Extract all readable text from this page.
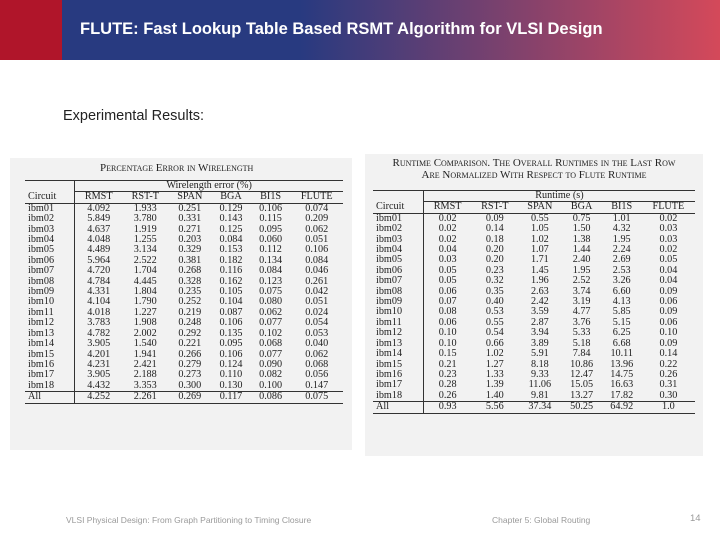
FLUTE: Fast Lookup Table Based RSMT Algorithm for VLSI Design
Experimental Results:
Percentage Error in Wirelength
	Wirelength error (%)					
Circuit	RMST	RST-T	SPAN	BGA	BI1S	FLUTE
ibm01	4.092	1.933	0.251	0.129	0.106	0.074
ibm02	5.849	3.780	0.331	0.143	0.115	0.209
ibm03	4.637	1.919	0.271	0.125	0.095	0.062
ibm04	4.048	1.255	0.203	0.084	0.060	0.051
ibm05	4.489	3.134	0.329	0.153	0.112	0.106
ibm06	5.964	2.522	0.381	0.182	0.134	0.084
ibm07	4.720	1.704	0.268	0.116	0.084	0.046
ibm08	4.784	4.445	0.328	0.162	0.123	0.261
ibm09	4.331	1.804	0.235	0.105	0.075	0.042
ibm10	4.104	1.790	0.252	0.104	0.080	0.051
ibm11	4.018	1.227	0.219	0.087	0.062	0.024
ibm12	3.783	1.908	0.248	0.106	0.077	0.054
ibm13	4.782	2.002	0.292	0.135	0.102	0.053
ibm14	3.905	1.540	0.221	0.095	0.068	0.040
ibm15	4.201	1.941	0.266	0.106	0.077	0.062
ibm16	4.231	2.421	0.279	0.124	0.090	0.068
ibm17	3.905	2.188	0.273	0.110	0.082	0.056
ibm18	4.432	3.353	0.300	0.130	0.100	0.147
All	4.252	2.261	0.269	0.117	0.086	0.075
Runtime Comparison. The Overall Runtimes in the Last Row
Are Normalized With Respect to Flute Runtime
	Runtime (s)					
Circuit	RMST	RST-T	SPAN	BGA	BI1S	FLUTE
ibm01	0.02	0.09	0.55	0.75	1.01	0.02
ibm02	0.02	0.14	1.05	1.50	4.32	0.03
ibm03	0.02	0.18	1.02	1.38	1.95	0.03
ibm04	0.04	0.20	1.07	1.44	2.24	0.02
ibm05	0.03	0.20	1.71	2.40	2.69	0.05
ibm06	0.05	0.23	1.45	1.95	2.53	0.04
ibm07	0.05	0.32	1.96	2.52	3.26	0.04
ibm08	0.06	0.35	2.63	3.74	6.60	0.09
ibm09	0.07	0.40	2.42	3.19	4.13	0.06
ibm10	0.08	0.53	3.59	4.77	5.85	0.09
ibm11	0.06	0.55	2.87	3.76	5.15	0.06
ibm12	0.10	0.54	3.94	5.33	6.25	0.10
ibm13	0.10	0.66	3.89	5.18	6.68	0.09
ibm14	0.15	1.02	5.91	7.84	10.11	0.14
ibm15	0.21	1.27	8.18	10.86	13.96	0.22
ibm16	0.23	1.33	9.33	12.47	14.75	0.26
ibm17	0.28	1.39	11.06	15.05	16.63	0.31
ibm18	0.26	1.40	9.81	13.27	17.82	0.30
All	0.93	5.56	37.34	50.25	64.92	1.0
VLSI Physical Design: From Graph Partitioning to Timing Closure	Chapter 5: Global Routing	14
